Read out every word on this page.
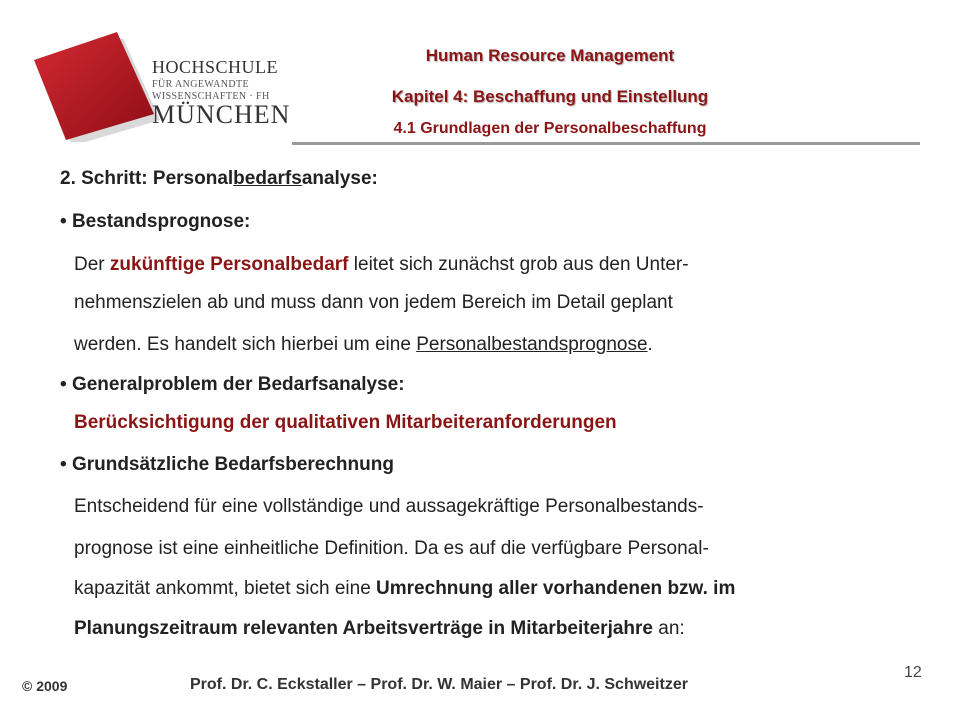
HOCHSCHULE
FÜR ANGEWANDTE
WISSENSCHAFTEN · FH
MÜNCHEN
Human Resource Management
Kapitel 4: Beschaffung und Einstellung
4.1 Grundlagen der Personalbeschaffung
2. Schritt: Personalbedarfsanalyse:
• Bestandsprognose:
Der zukünftige Personalbedarf leitet sich zunächst grob aus den Unter-
nehmenszielen ab und muss dann von jedem Bereich im Detail geplant
werden. Es handelt sich hierbei um eine Personalbestandsprognose.
• Generalproblem der Bedarfsanalyse:
Berücksichtigung der qualitativen Mitarbeiteranforderungen
• Grundsätzliche Bedarfsberechnung
Entscheidend für eine vollständige und aussagekräftige Personalbestands-
prognose ist eine einheitliche Definition. Da es auf die verfügbare Personal-
kapazität ankommt, bietet sich eine Umrechnung aller vorhandenen bzw. im
Planungszeitraum relevanten Arbeitsverträge in Mitarbeiterjahre an:
© 2009	Prof. Dr. C. Eckstaller – Prof. Dr. W. Maier – Prof. Dr. J. Schweitzer
12
